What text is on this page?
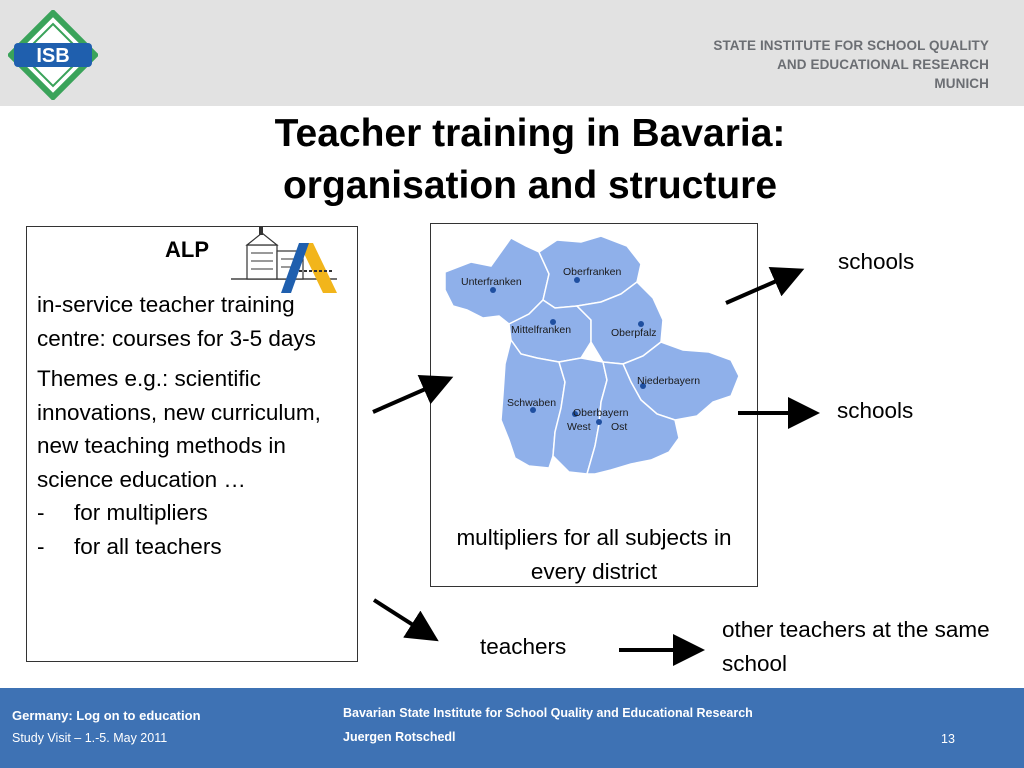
ISB	STATE INSTITUTE FOR SCHOOL QUALITY
AND EDUCATIONAL RESEARCH
MUNICH
Teacher training in Bavaria:
organisation and structure
ALP

in-service teacher training centre: courses for 3-5 days

Themes e.g.: scientific innovations, new curriculum, new teaching methods in science education …

-	for multipliers
-	for all teachers
Unterfranken
Oberfranken
Mittelfranken	Oberpfalz
Niederbayern
Schwaben
Oberbayern
West Ost
multipliers for all subjects in every district
schools
schools
teachers
other teachers at the same school
Germany: Log on to education
Study Visit – 1.-5. May 2011
Bavarian State Institute for School Quality and Educational Research
Juergen Rotschedl	13
